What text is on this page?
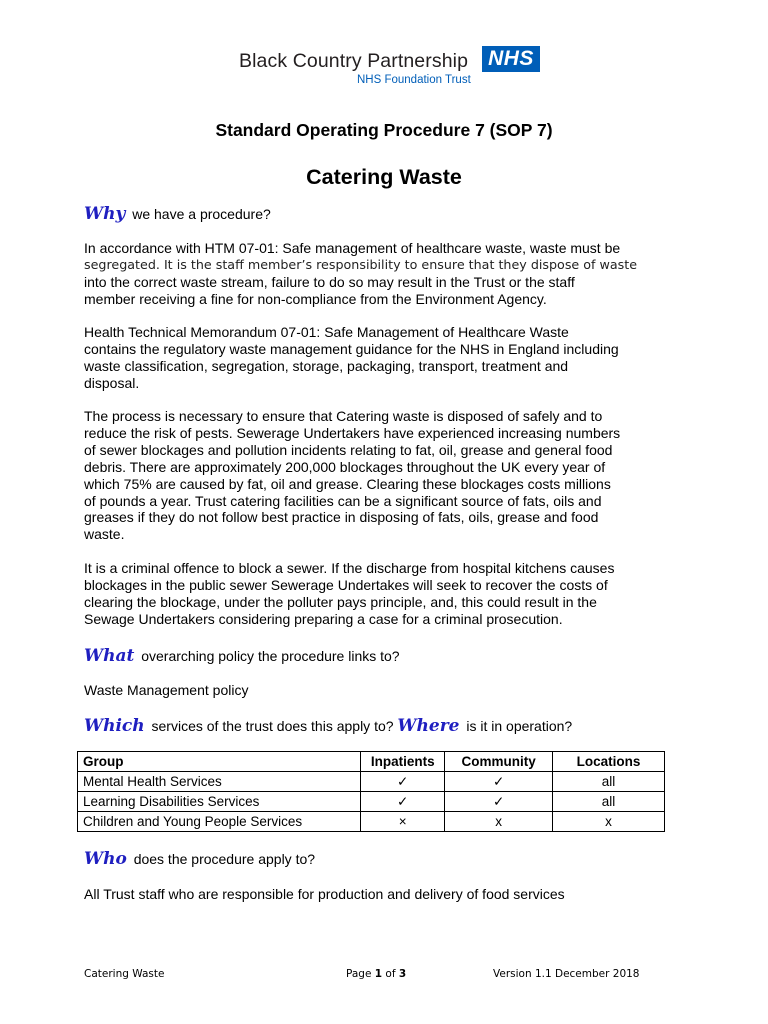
Black Country Partnership NHS
NHS Foundation Trust
Standard Operating Procedure 7 (SOP 7)
Catering Waste
Why we have a procedure?
In accordance with HTM 07-01: Safe management of healthcare waste, waste must be
segregated. It is the staff member’s responsibility to ensure that they dispose of waste
into the correct waste stream, failure to do so may result in the Trust or the staff
member receiving a fine for non-compliance from the Environment Agency.
Health Technical Memorandum 07-01: Safe Management of Healthcare Waste
contains the regulatory waste management guidance for the NHS in England including
waste classification, segregation, storage, packaging, transport, treatment and
disposal.
The process is necessary to ensure that Catering waste is disposed of safely and to
reduce the risk of pests. Sewerage Undertakers have experienced increasing numbers
of sewer blockages and pollution incidents relating to fat, oil, grease and general food
debris. There are approximately 200,000 blockages throughout the UK every year of
which 75% are caused by fat, oil and grease. Clearing these blockages costs millions
of pounds a year. Trust catering facilities can be a significant source of fats, oils and
greases if they do not follow best practice in disposing of fats, oils, grease and food
waste.
It is a criminal offence to block a sewer. If the discharge from hospital kitchens causes
blockages in the public sewer Sewerage Undertakes will seek to recover the costs of
clearing the blockage, under the polluter pays principle, and, this could result in the
Sewage Undertakers considering preparing a case for a criminal prosecution.
What overarching policy the procedure links to?
Waste Management policy
Which services of the trust does this apply to? Where is it in operation?
Group	Inpatients	Community	Locations
Mental Health Services	✓	✓	all
Learning Disabilities Services	✓	✓	all
Children and Young People Services	×	x	x
Who does the procedure apply to?
All Trust staff who are responsible for production and delivery of food services
Catering Waste	Page 1 of 3	Version 1.1 December 2018
